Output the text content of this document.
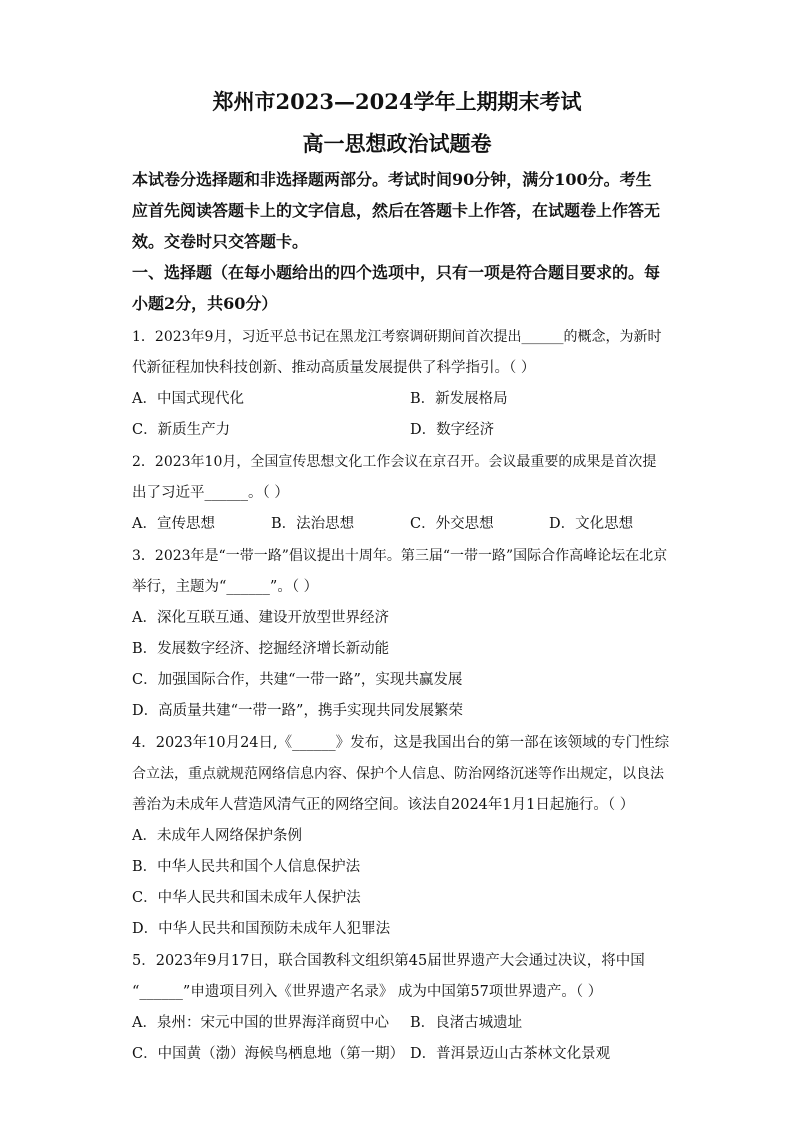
郑州市2023—2024学年上期期末考试
高一思想政治试题卷
本试卷分选择题和非选择题两部分。考试时间90分钟，满分100分。考生
应首先阅读答题卡上的文字信息，然后在答题卡上作答，在试题卷上作答无
效。交卷时只交答题卡。
一、选择题（在每小题给出的四个选项中，只有一项是符合题目要求的。每
小题2分，共60分）
1．2023年9月，习近平总书记在黑龙江考察调研期间首次提出______的概念，为新时
代新征程加快科技创新、推动高质量发展提供了科学指引。（ ）
A．中国式现代化	B．新发展格局
C．新质生产力	D．数字经济
2．2023年10月，全国宣传思想文化工作会议在京召开。会议最重要的成果是首次提
出了习近平______。（ ）
A．宣传思想	B．法治思想	C．外交思想	D．文化思想
3．2023年是“一带一路”倡议提出十周年。第三届“一带一路”国际合作高峰论坛在北京
举行，主题为“______”。（ ）
A．深化互联互通、建设开放型世界经济
B．发展数字经济、挖掘经济增长新动能
C．加强国际合作，共建“一带一路”，实现共赢发展
D．高质量共建“一带一路”，携手实现共同发展繁荣
4．2023年10月24日,《______》发布，这是我国出台的第一部在该领域的专门性综
合立法，重点就规范网络信息内容、保护个人信息、防治网络沉迷等作出规定，以良法
善治为未成年人营造风清气正的网络空间。该法自2024年1月1日起施行。（ ）
A．未成年人网络保护条例
B．中华人民共和国个人信息保护法
C．中华人民共和国未成年人保护法
D．中华人民共和国预防未成年人犯罪法
5．2023年9月17日，联合国教科文组织第45届世界遗产大会通过决议，将中国
“______”申遗项目列入《世界遗产名录》 成为中国第57项世界遗产。（ ）
A．泉州：宋元中国的世界海洋商贸中心 B．良渚古城遗址
C．中国黄（渤）海候鸟栖息地（第一期） D．普洱景迈山古茶林文化景观
